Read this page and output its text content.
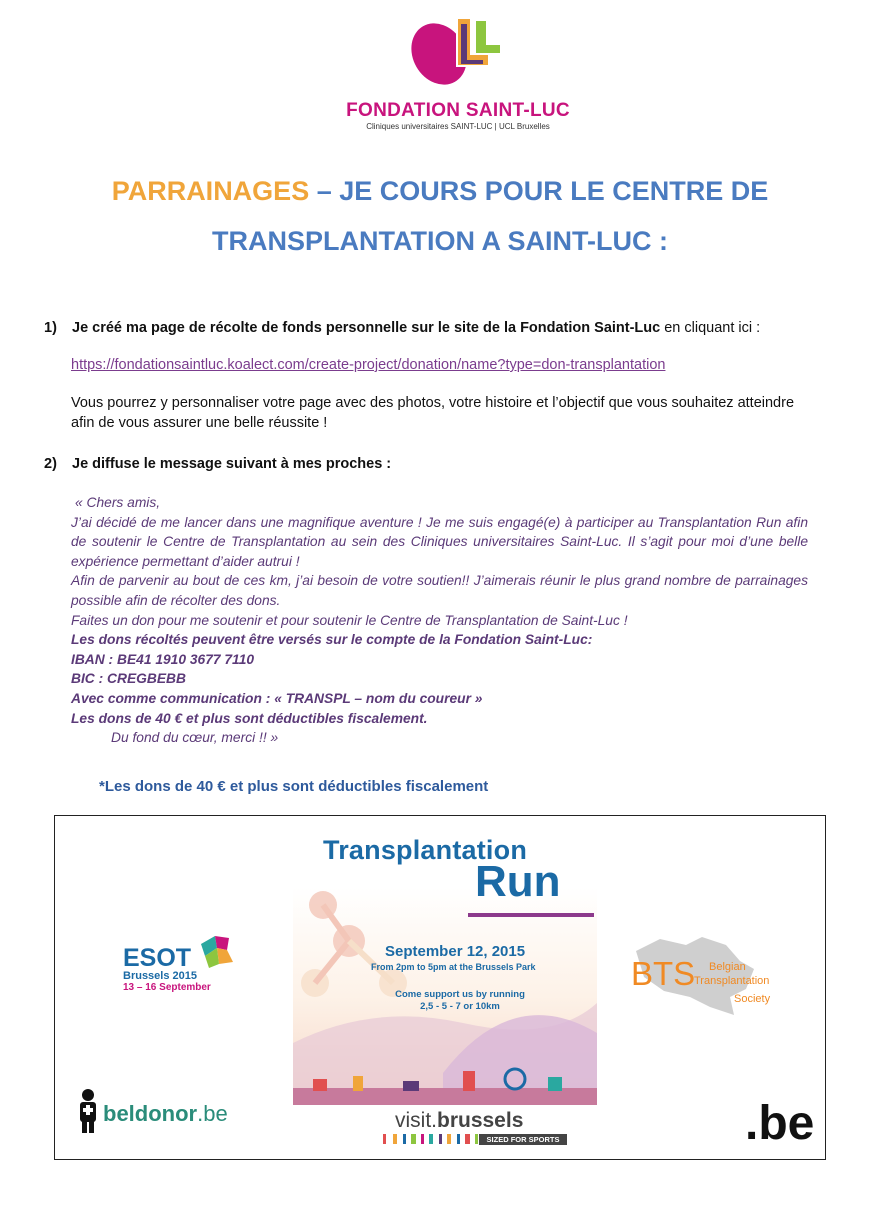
FONDATION SAINT-LUC
Cliniques universitaires SAINT-LUC | UCL Bruxelles
PARRAINAGES – JE COURS POUR LE CENTRE DE
TRANSPLANTATION A SAINT-LUC :
1) Je créé ma page de récolte de fonds personnelle sur le site de la Fondation Saint-Luc en cliquant ici :
https://fondationsaintluc.koalect.com/create-project/donation/name?type=don-transplantation
Vous pourrez y personnaliser votre page avec des photos, votre histoire et l’objectif que vous souhaitez atteindre afin de vous assurer une belle réussite !
2) Je diffuse le message suivant à mes proches :
« Chers amis,
J’ai décidé de me lancer dans une magnifique aventure ! Je me suis engagé(e) à participer au Transplantation Run afin de soutenir le Centre de Transplantation au sein des Cliniques universitaires Saint-Luc. Il s’agit pour moi d’une belle expérience permettant d’aider autrui !
Afin de parvenir au bout de ces km, j’ai besoin de votre soutien!! J’aimerais réunir le plus grand nombre de parrainages possible afin de récolter des dons.
Faites un don pour me soutenir et pour soutenir le Centre de Transplantation de Saint-Luc !
Les dons récoltés peuvent être versés sur le compte de la Fondation Saint-Luc:
IBAN : BE41 1910 3677 7110
BIC : CREGBEBB
Avec comme communication : « TRANSPL – nom du coureur »
Les dons de 40 € et plus sont déductibles fiscalement.
Du fond du cœur, merci !! »
*Les dons de 40 € et plus sont déductibles fiscalement
ESOT
Brussels 2015
13 – 16 September
Transplantation
Run
September 12, 2015
From 2pm to 5pm at the Brussels Park
Come support us by running
2,5 - 5 - 7 or 10km
BTS Belgian
Transplantation
Society
beldonor.be	visit.brussels
SIZED FOR SPORTS	.be
